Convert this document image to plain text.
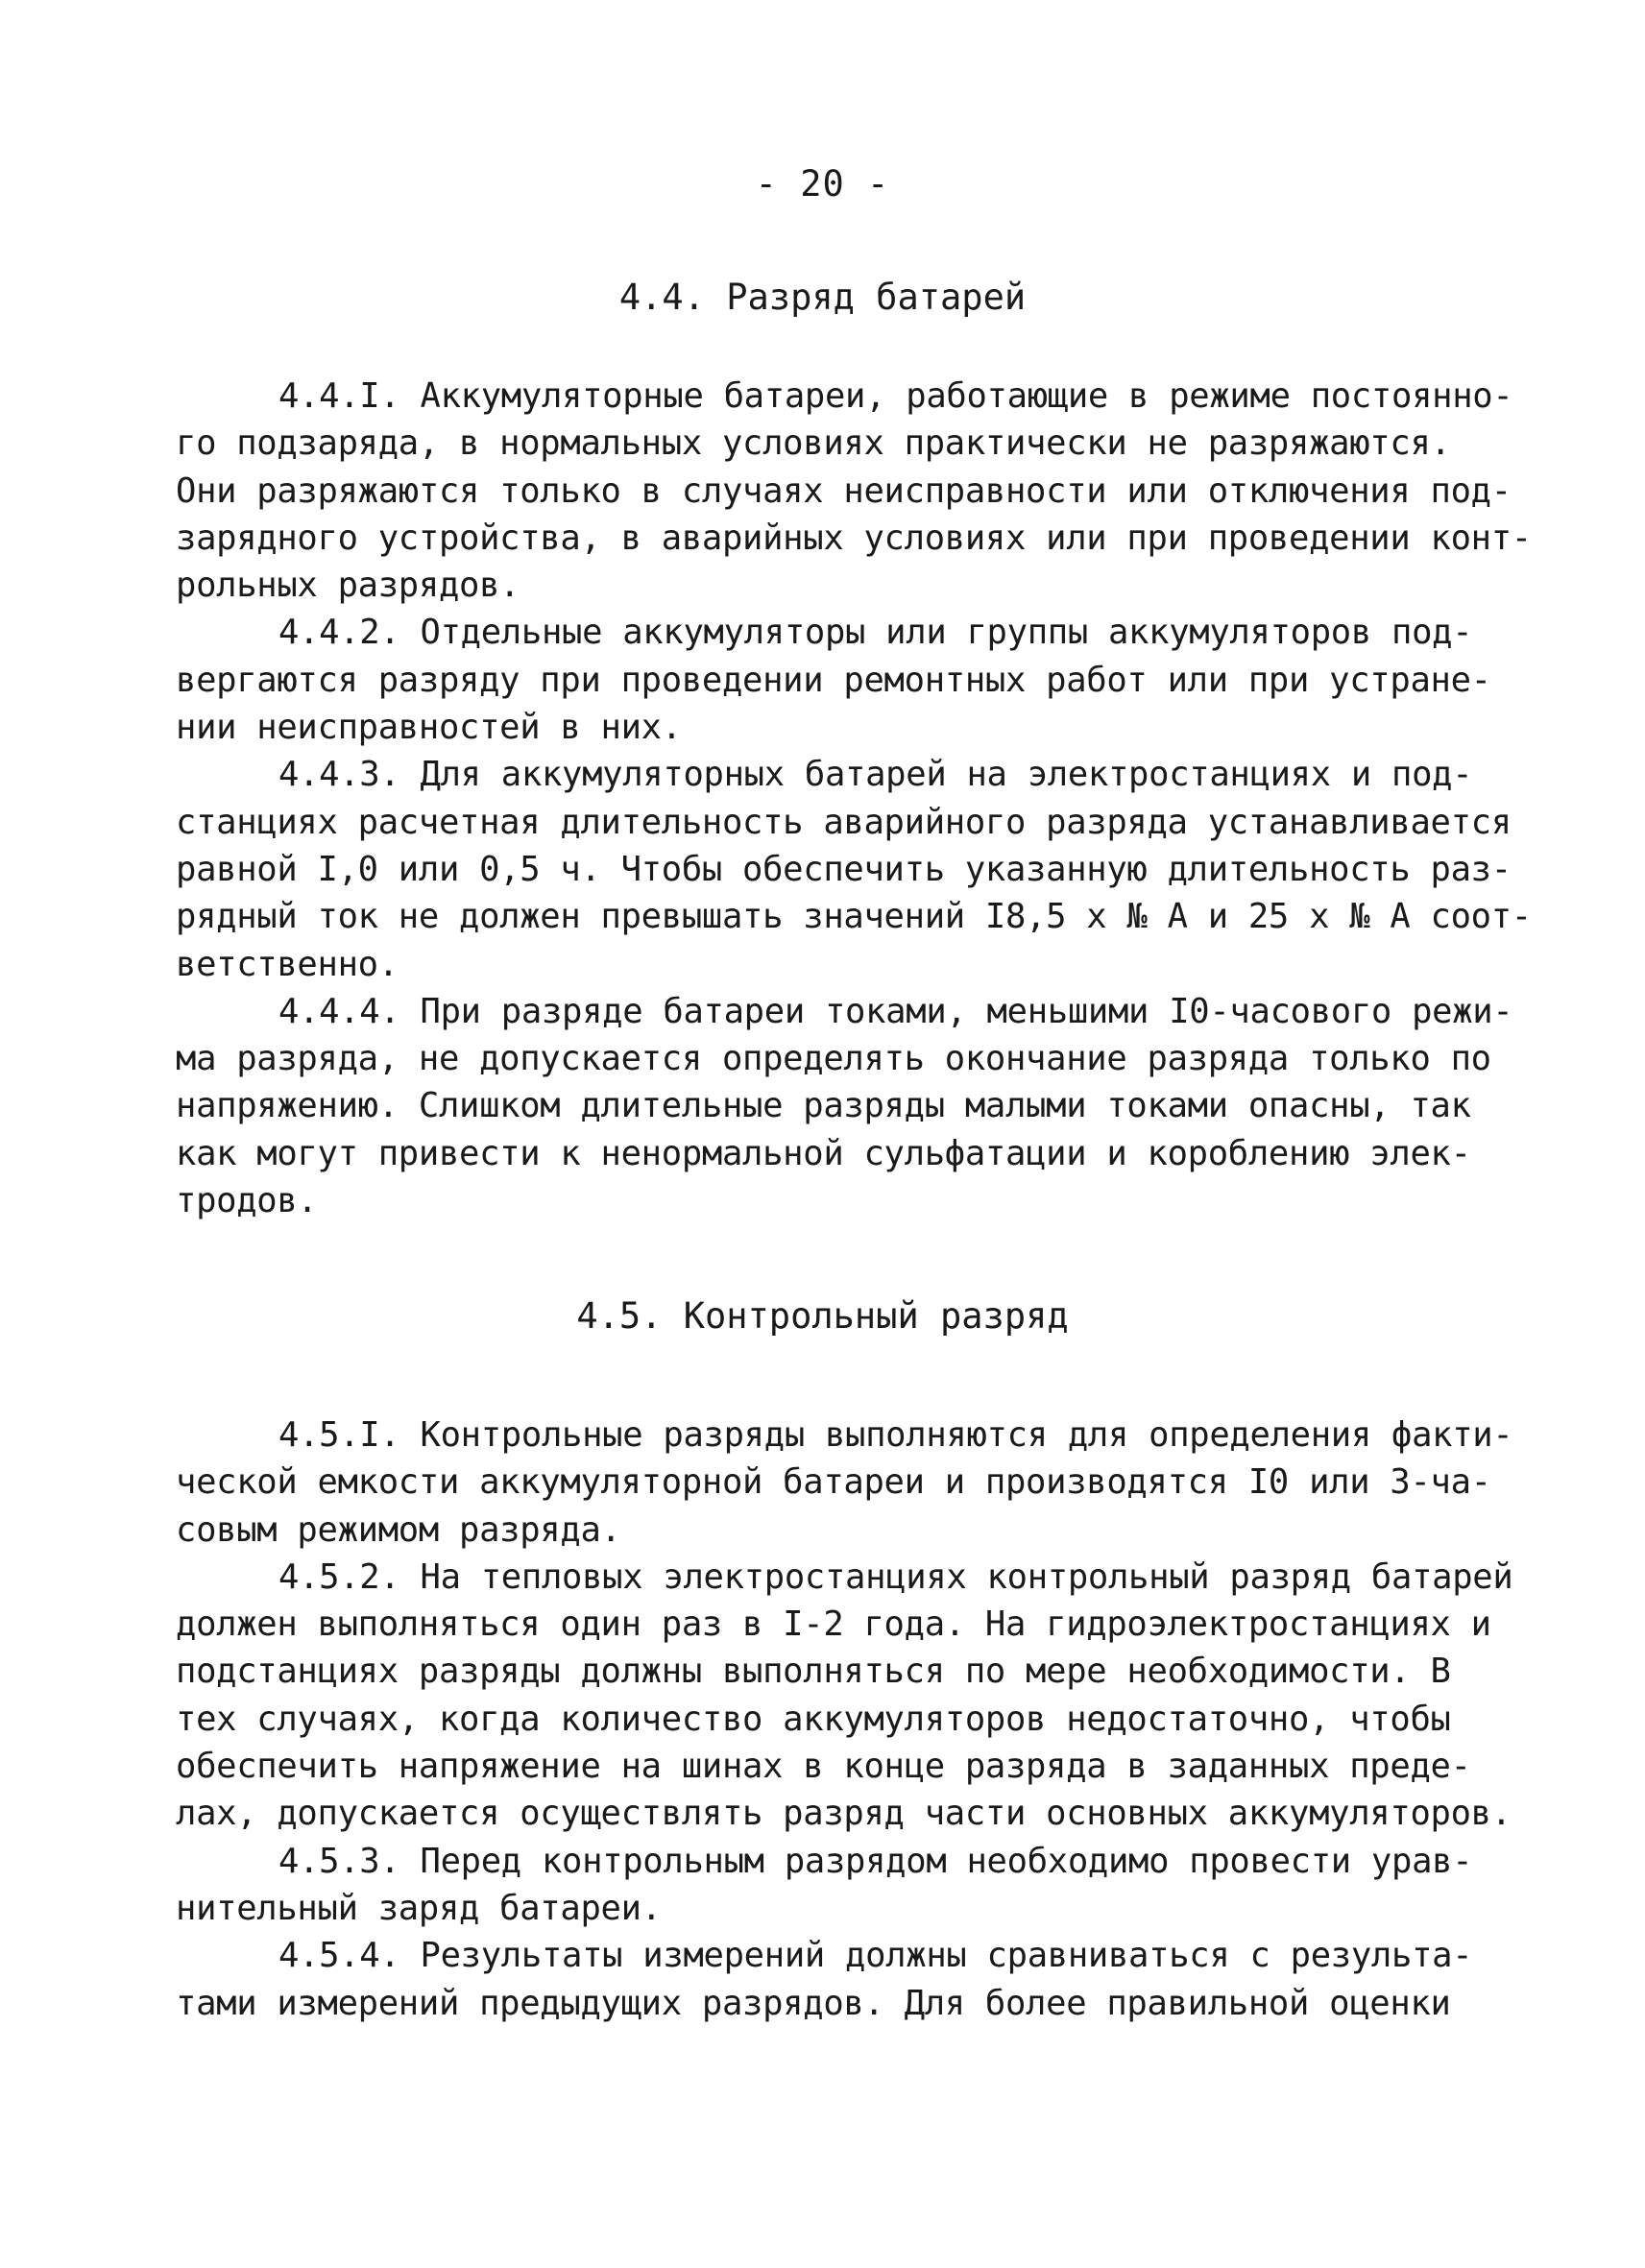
- 20 -
4.4. Разряд батарей
4.4.I. Аккумуляторные батареи, работающие в режиме постоянно-
го подзаряда, в нормальных условиях практически не разряжаются.
Они разряжаются только в случаях неисправности или отключения под-
зарядного устройства, в аварийных условиях или при проведении конт-
рольных разрядов.
4.4.2. Отдельные аккумуляторы или группы аккумуляторов под-
вергаются разряду при проведении ремонтных работ или при устране-
нии неисправностей в них.
4.4.3. Для аккумуляторных батарей на электростанциях и под-
станциях расчетная длительность аварийного разряда устанавливается
равной I,0 или 0,5 ч. Чтобы обеспечить указанную длительность раз-
рядный ток не должен превышать значений I8,5 х № А и 25 х № А соот-
ветственно.
4.4.4. При разряде батареи токами, меньшими I0-часового режи-
ма разряда, не допускается определять окончание разряда только по
напряжению. Слишком длительные разряды малыми токами опасны, так
как могут привести к ненормальной сульфатации и короблению элек-
тродов.
4.5. Контрольный разряд
4.5.I. Контрольные разряды выполняются для определения факти-
ческой емкости аккумуляторной батареи и производятся I0 или 3-ча-
совым режимом разряда.
4.5.2. На тепловых электростанциях контрольный разряд батарей
должен выполняться один раз в I-2 года. На гидроэлектростанциях и
подстанциях разряды должны выполняться по мере необходимости. В
тех случаях, когда количество аккумуляторов недостаточно, чтобы
обеспечить напряжение на шинах в конце разряда в заданных преде-
лах, допускается осуществлять разряд части основных аккумуляторов.
4.5.3. Перед контрольным разрядом необходимо провести урав-
нительный заряд батареи.
4.5.4. Результаты измерений должны сравниваться с результа-
тами измерений предыдущих разрядов. Для более правильной оценки
